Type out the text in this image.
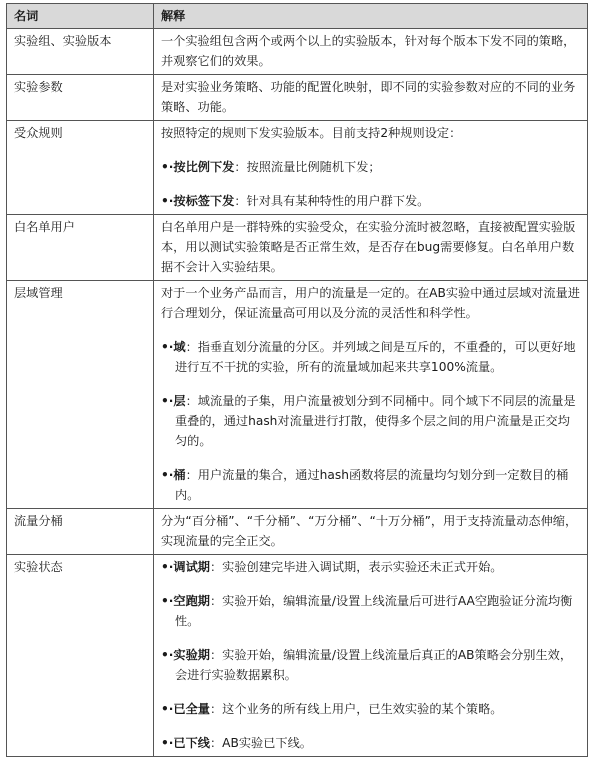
名词	解释
实验组、实验版本	一个实验组包含两个或两个以上的实验版本，针对每个版本下发不同的策略，并观察它们的效果。

实验参数	是对实验业务策略、功能的配置化映射，即不同的实验参数对应的不同的业务策略、功能。

受众规则	按照特定的规则下发实验版本。目前支持2种规则设定：

•·按比例下发：按照流量比例随机下发；

•·按标签下发：针对具有某种特性的用户群下发。

白名单用户	白名单用户是一群特殊的实验受众，在实验分流时被忽略，直接被配置实验版本，用以测试实验策略是否正常生效，是否存在bug需要修复。白名单用户数据不会计入实验结果。

层域管理	对于一个业务产品而言，用户的流量是一定的。在AB实验中通过层域对流量进行合理划分，保证流量高可用以及分流的灵活性和科学性。

•·域：指垂直划分流量的分区。并列域之间是互斥的，不重叠的，可以更好地进行互不干扰的实验，所有的流量域加起来共享100%流量。

•·层：域流量的子集，用户流量被划分到不同桶中。同个域下不同层的流量是重叠的，通过hash对流量进行打散，使得多个层之间的用户流量是正交均匀的。

•·桶：用户流量的集合，通过hash函数将层的流量均匀划分到一定数目的桶内。

流量分桶	分为“百分桶”、“千分桶”、“万分桶”、“十万分桶”，用于支持流量动态伸缩，实现流量的完全正交。

实验状态	•·调试期：实验创建完毕进入调试期，表示实验还未正式开始。

•·空跑期：实验开始，编辑流量/设置上线流量后可进行AA空跑验证分流均衡性。

•·实验期：实验开始，编辑流量/设置上线流量后真正的AB策略会分别生效，会进行实验数据累积。

•·已全量：这个业务的所有线上用户，已生效实验的某个策略。

•·已下线：AB实验已下线。
